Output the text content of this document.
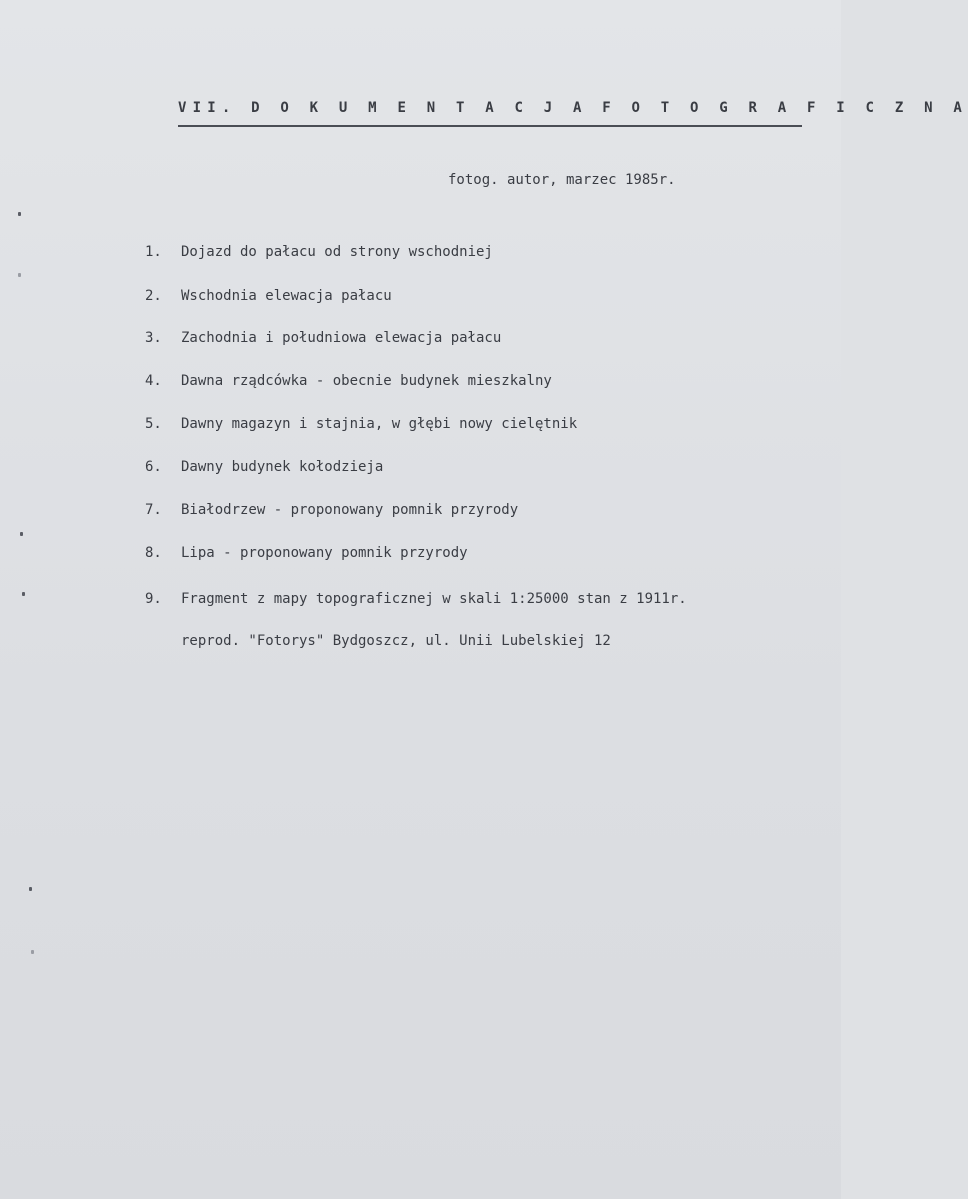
VII. D O K U M E N T A C J A F O T O G R A F I C Z N A
fotog. autor, marzec 1985r.
1. Dojazd do pałacu od strony wschodniej
2. Wschodnia elewacja pałacu
3. Zachodnia i południowa elewacja pałacu
4. Dawna rządcówka - obecnie budynek mieszkalny
5. Dawny magazyn i stajnia, w głębi nowy cielętnik
6. Dawny budynek kołodzieja
7. Białodrzew - proponowany pomnik przyrody
8. Lipa - proponowany pomnik przyrody
9. Fragment z mapy topograficznej w skali 1:25000 stan z 1911r.
reprod. "Fotorys" Bydgoszcz, ul. Unii Lubelskiej 12
